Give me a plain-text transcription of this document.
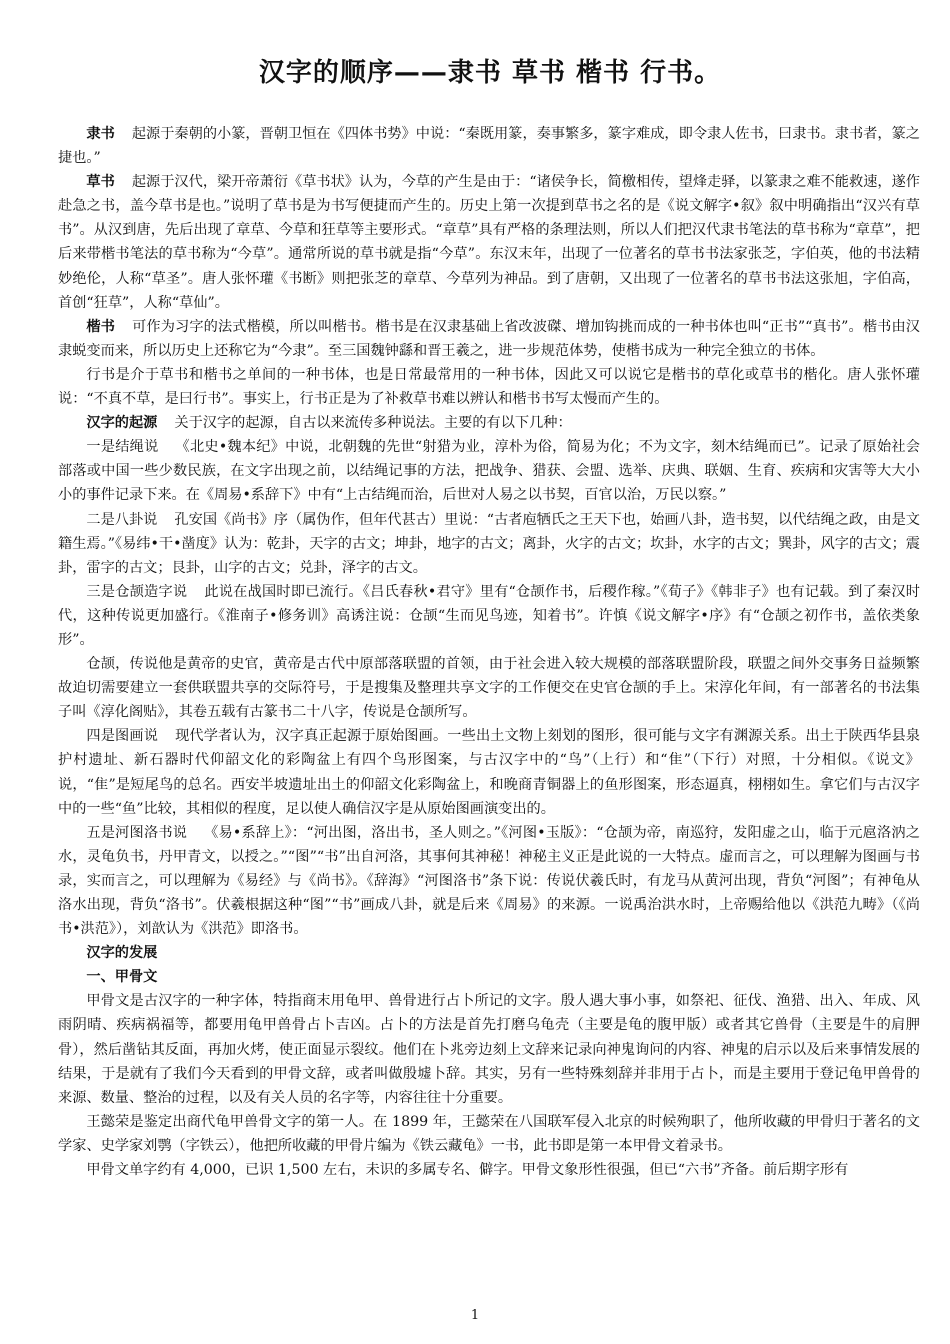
汉字的顺序——隶书 草书 楷书 行书。

隶书 起源于秦朝的小篆，晋朝卫恒在《四体书势》中说：“秦既用篆，奏事繁多，篆字难成，即令隶人佐书，曰隶书。隶书者，篆之捷也。”

草书 起源于汉代，梁开帝萧衍《草书状》认为，今草的产生是由于：“诸侯争长，简檄相传，望烽走驿，以篆隶之难不能救速，遂作赴急之书，盖今草书是也。”说明了草书是为书写便捷而产生的。历史上第一次提到草书之名的是《说文解字•叙》叙中明确指出“汉兴有草书”。从汉到唐，先后出现了章草、今草和狂草等主要形式。“章草”具有严格的条理法则，所以人们把汉代隶书笔法的草书称为“章草”，把后来带楷书笔法的草书称为“今草”。通常所说的草书就是指“今草”。东汉末年，出现了一位著名的草书书法家张芝，字伯英，他的书法精妙绝伦，人称“草圣”。唐人张怀瓘《书断》则把张芝的章草、今草列为神品。到了唐朝，又出现了一位著名的草书书法这张旭，字伯高，首创“狂草”，人称“草仙”。

楷书 可作为习字的法式楷模，所以叫楷书。楷书是在汉隶基础上省改波磔、增加钩挑而成的一种书体也叫“正书”“真书”。楷书由汉隶蜕变而来，所以历史上还称它为“今隶”。至三国魏钟繇和晋王羲之，进一步规范体势，使楷书成为一种完全独立的书体。

行书是介于草书和楷书之单间的一种书体，也是日常最常用的一种书体，因此又可以说它是楷书的草化或草书的楷化。唐人张怀瓘说：“不真不草，是曰行书”。事实上，行书正是为了补救草书难以辨认和楷书书写太慢而产生的。

汉字的起源 关于汉字的起源，自古以来流传多种说法。主要的有以下几种：

一是结绳说 《北史•魏本纪》中说，北朝魏的先世“射猎为业，淳朴为俗，简易为化；不为文字，刻木结绳而已”。记录了原始社会部落或中国一些少数民族，在文字出现之前，以结绳记事的方法，把战争、猎获、会盟、选举、庆典、联姻、生育、疾病和灾害等大大小小的事件记录下来。在《周易•系辞下》中有“上古结绳而治，后世对人易之以书契，百官以治，万民以察。”

二是八卦说 孔安国《尚书》序（属伪作，但年代甚古）里说：“古者庖牺氏之王天下也，始画八卦，造书契，以代结绳之政，由是文籍生焉。”《易纬•干•凿度》认为：乾卦，天字的古文；坤卦，地字的古文；离卦，火字的古文；坎卦，水字的古文；巽卦，风字的古文；震卦，雷字的古文；艮卦，山字的古文；兑卦，泽字的古文。

三是仓颉造字说 此说在战国时即已流行。《吕氏春秋•君守》里有“仓颉作书，后稷作稼。”《荀子》《韩非子》也有记载。到了秦汉时代，这种传说更加盛行。《淮南子•修务训》高诱注说：仓颉“生而见鸟迹，知着书”。许慎《说文解字•序》有“仓颉之初作书，盖依类象形”。

仓颉，传说他是黄帝的史官，黄帝是古代中原部落联盟的首领，由于社会进入较大规模的部落联盟阶段，联盟之间外交事务日益频繁故迫切需要建立一套供联盟共享的交际符号，于是搜集及整理共享文字的工作便交在史官仓颉的手上。宋淳化年间，有一部著名的书法集子叫《淳化阁贴》，其卷五载有古篆书二十八字，传说是仓颉所写。

四是图画说 现代学者认为，汉字真正起源于原始图画。一些出土文物上刻划的图形，很可能与文字有渊源关系。出土于陕西华县泉护村遗址、新石器时代仰韶文化的彩陶盆上有四个鸟形图案，与古汉字中的“鸟”（上行）和“隹”（下行）对照，十分相似。《说文》说，“隹”是短尾鸟的总名。西安半坡遗址出土的仰韶文化彩陶盆上，和晚商青铜器上的鱼形图案，形态逼真，栩栩如生。拿它们与古汉字中的一些“鱼”比较，其相似的程度，足以使人确信汉字是从原始图画演变出的。

五是河图洛书说 《易•系辞上》：“河出图，洛出书，圣人则之。”《河图•玉版》：“仓颉为帝，南巡狩，发阳虚之山，临于元扈洛汭之水，灵龟负书，丹甲青文，以授之。”“图”“书”出自河洛，其事何其神秘！神秘主义正是此说的一大特点。虚而言之，可以理解为图画与书录，实而言之，可以理解为《易经》与《尚书》。《辞海》“河图洛书”条下说：传说伏羲氏时，有龙马从黄河出现，背负“河图”；有神龟从洛水出现，背负“洛书”。伏羲根据这种“图”“书”画成八卦，就是后来《周易》的来源。一说禹治洪水时，上帝赐给他以《洪范九畴》（《尚书•洪范》），刘歆认为《洪范》即洛书。

汉字的发展

一、甲骨文

甲骨文是古汉字的一种字体，特指商末用龟甲、兽骨进行占卜所记的文字。殷人遇大事小事，如祭祀、征伐、渔猎、出入、年成、风雨阴晴、疾病祸福等，都要用龟甲兽骨占卜吉凶。占卜的方法是首先打磨乌龟壳（主要是龟的腹甲版）或者其它兽骨（主要是牛的肩胛骨），然后凿钻其反面，再加火烤，使正面显示裂纹。他们在卜兆旁边刻上文辞来记录向神鬼询问的内容、神鬼的启示以及后来事情发展的结果，于是就有了我们今天看到的甲骨文辞，或者叫做殷墟卜辞。其实，另有一些特殊刻辞并非用于占卜，而是主要用于登记龟甲兽骨的来源、数量、整治的过程，以及有关人员的名字等，内容往往十分重要。

王懿荣是鉴定出商代龟甲兽骨文字的第一人。在 1899 年，王懿荣在八国联军侵入北京的时候殉职了，他所收藏的甲骨归于著名的文学家、史学家刘鹗（字铁云），他把所收藏的甲骨片编为《铁云藏龟》一书，此书即是第一本甲骨文着录书。

甲骨文单字约有 4,000，已识 1,500 左右，未识的多属专名、僻字。甲骨文象形性很强，但已“六书”齐备。前后期字形有

1
